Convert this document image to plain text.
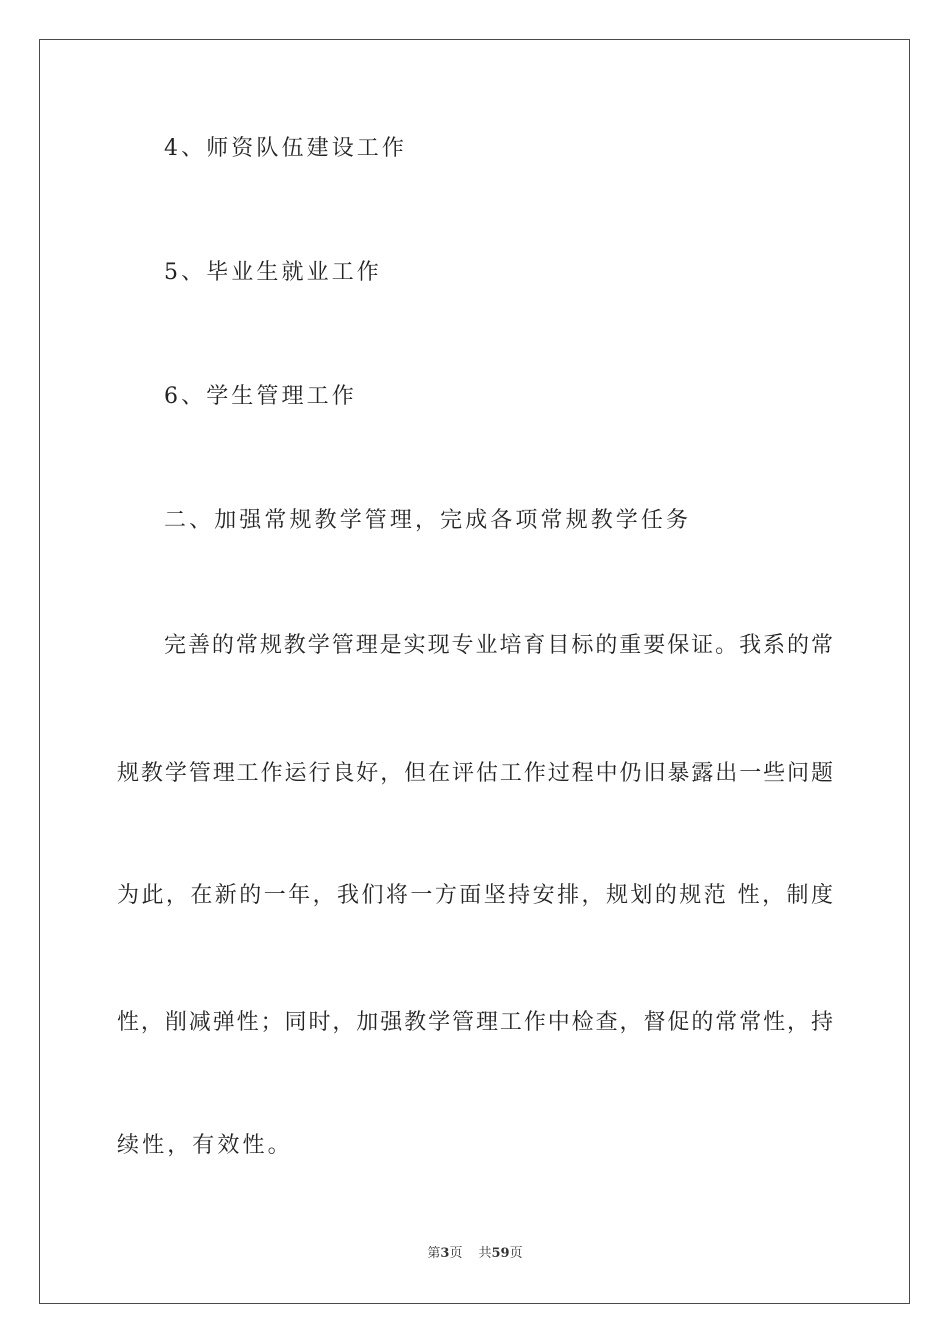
4、师资队伍建设工作
5、毕业生就业工作
6、学生管理工作
二、加强常规教学管理，完成各项常规教学任务
完善的常规教学管理是实现专业培育目标的重要保证。我系的常
规教学管理工作运行良好，但在评估工作过程中仍旧暴露出一些问题
为此，在新的一年，我们将一方面坚持安排，规划的规范 性，制度
性，削减弹性；同时，加强教学管理工作中检查，督促的常常性，持
续性，有效性。
第3页 共59页
